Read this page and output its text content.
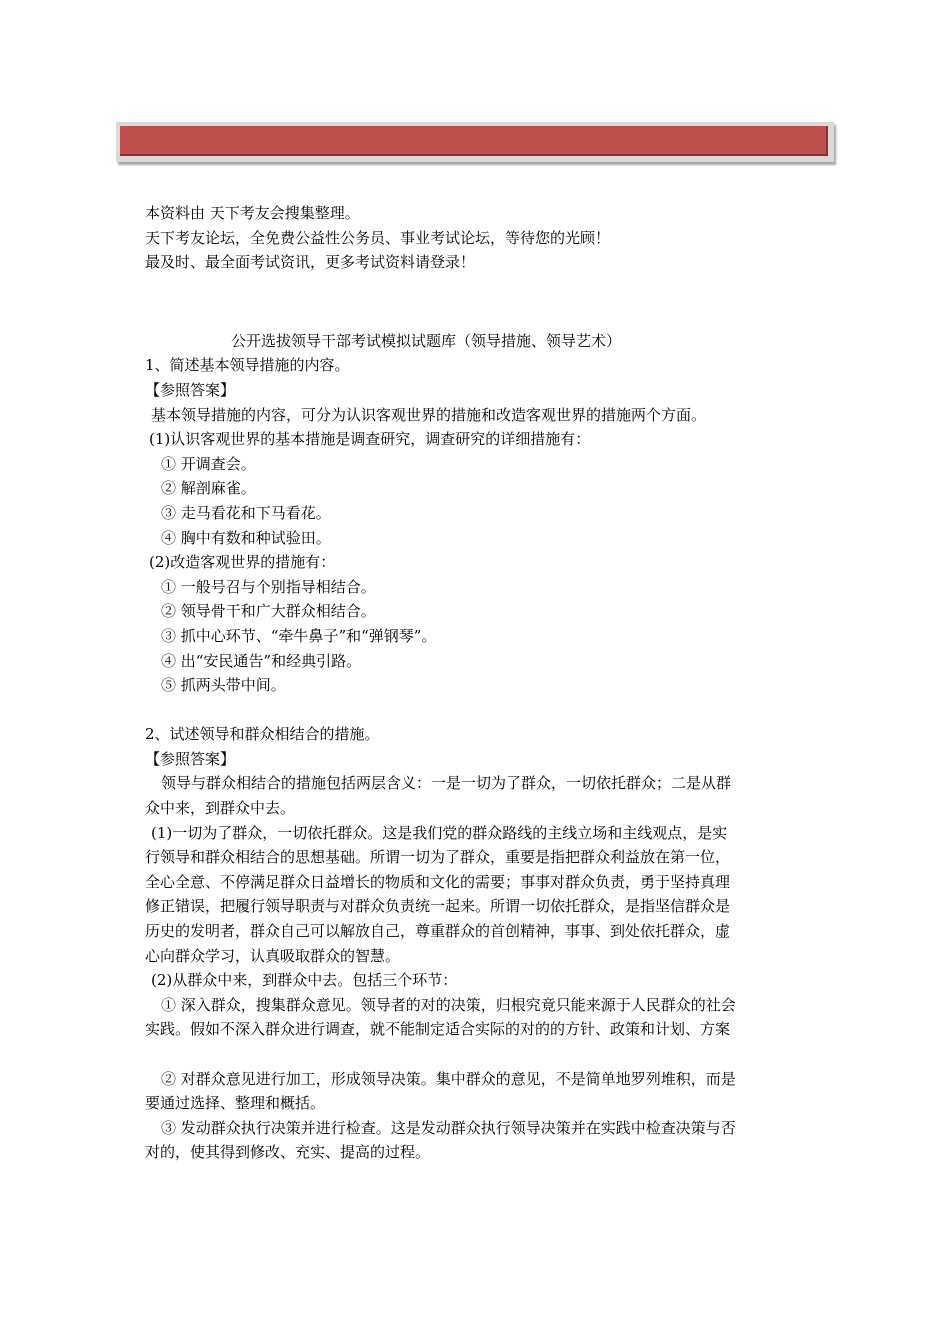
本资料由 天下考友会搜集整理。
天下考友论坛，全免费公益性公务员、事业考试论坛，等待您的光顾！
最及时、最全面考试资讯，更多考试资料请登录！
公开选拔领导干部考试模拟试题库（领导措施、领导艺术）
1、简述基本领导措施的内容。
【参照答案】
基本领导措施的内容，可分为认识客观世界的措施和改造客观世界的措施两个方面。
(1)认识客观世界的基本措施是调查研究，调查研究的详细措施有：
① 开调查会。
② 解剖麻雀。
③ 走马看花和下马看花。
④ 胸中有数和种试验田。
(2)改造客观世界的措施有：
① 一般号召与个别指导相结合。
② 领导骨干和广大群众相结合。
③ 抓中心环节、“牵牛鼻子”和“弹钢琴”。
④ 出“安民通告”和经典引路。
⑤ 抓两头带中间。
2、试述领导和群众相结合的措施。
【参照答案】
领导与群众相结合的措施包括两层含义：一是一切为了群众，一切依托群众；二是从群
众中来，到群众中去。
(1)一切为了群众，一切依托群众。这是我们党的群众路线的主线立场和主线观点，是实
行领导和群众相结合的思想基础。所谓一切为了群众，重要是指把群众利益放在第一位，
全心全意、不停满足群众日益增长的物质和文化的需要；事事对群众负责，勇于坚持真理
修正错误，把履行领导职责与对群众负责统一起来。所谓一切依托群众，是指坚信群众是
历史的发明者，群众自己可以解放自己，尊重群众的首创精神，事事、到处依托群众，虚
心向群众学习，认真吸取群众的智慧。
(2)从群众中来，到群众中去。包括三个环节：
① 深入群众，搜集群众意见。领导者的对的决策，归根究竟只能来源于人民群众的社会
实践。假如不深入群众进行调查，就不能制定适合实际的对的的方针、政策和计划、方案
② 对群众意见进行加工，形成领导决策。集中群众的意见，不是简单地罗列堆积，而是
要通过选择、整理和概括。
③ 发动群众执行决策并进行检查。这是发动群众执行领导决策并在实践中检查决策与否
对的，使其得到修改、充实、提高的过程。
